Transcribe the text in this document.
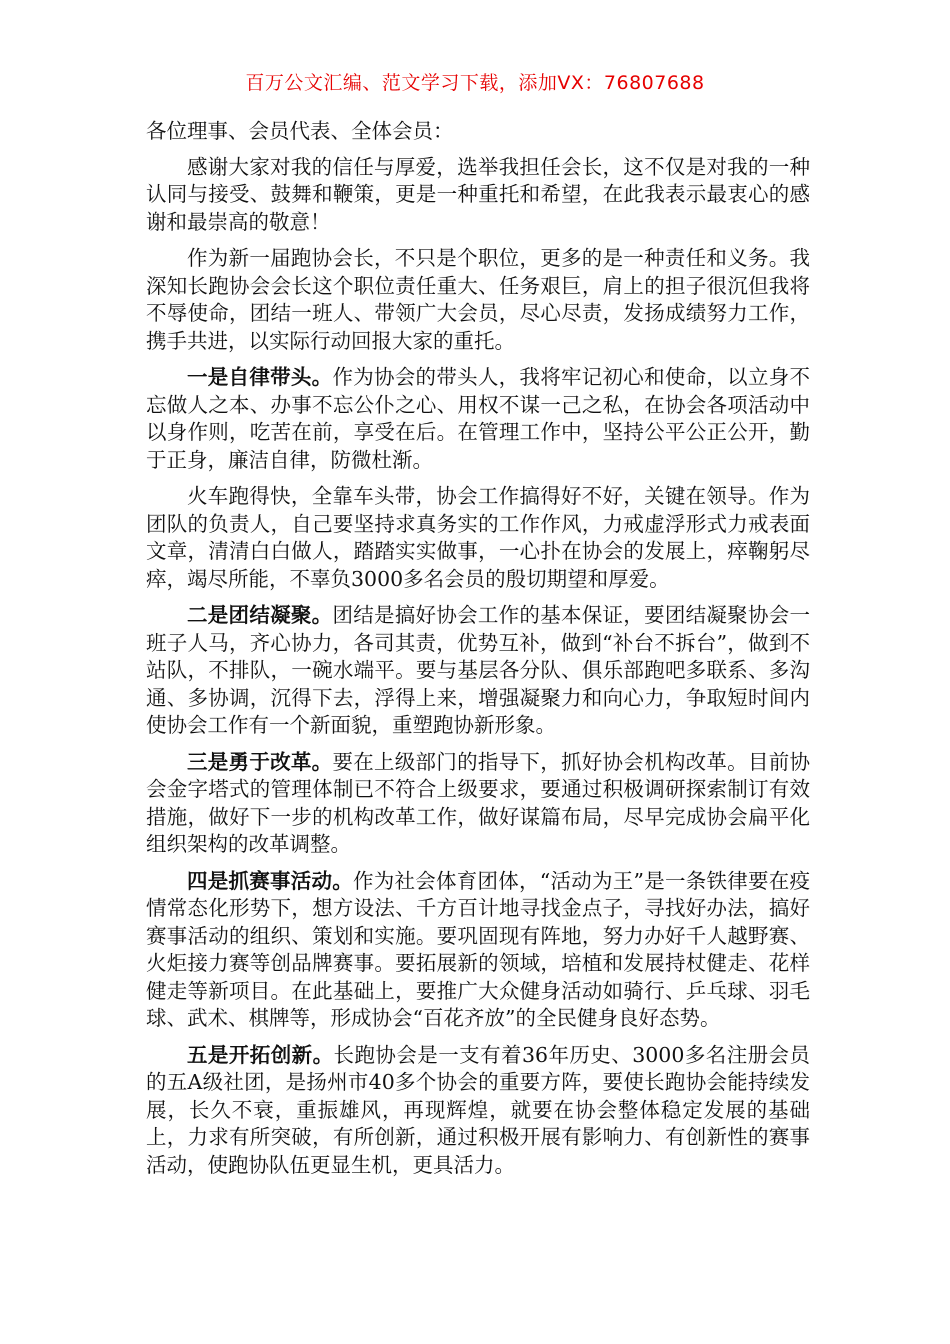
百万公文汇编、范文学习下载，添加VX：76807688

各位理事、会员代表、全体会员：

感谢大家对我的信任与厚爱，选举我担任会长，这不仅是对我的一种认同与接受、鼓舞和鞭策，更是一种重托和希望，在此我表示最衷心的感谢和最崇高的敬意！

作为新一届跑协会长，不只是个职位，更多的是一种责任和义务。我深知长跑协会会长这个职位责任重大、任务艰巨，肩上的担子很沉但我将不辱使命，团结一班人、带领广大会员，尽心尽责，发扬成绩努力工作，携手共进，以实际行动回报大家的重托。

一是自律带头。作为协会的带头人，我将牢记初心和使命，以立身不忘做人之本、办事不忘公仆之心、用权不谋一己之私，在协会各项活动中以身作则，吃苦在前，享受在后。在管理工作中，坚持公平公正公开，勤于正身，廉洁自律，防微杜渐。

火车跑得快，全靠车头带，协会工作搞得好不好，关键在领导。作为团队的负责人，自己要坚持求真务实的工作作风，力戒虚浮形式力戒表面文章，清清白白做人，踏踏实实做事，一心扑在协会的发展上，瘁鞠躬尽瘁，竭尽所能，不辜负3000多名会员的殷切期望和厚爱。

二是团结凝聚。团结是搞好协会工作的基本保证，要团结凝聚协会一班子人马，齐心协力，各司其责，优势互补，做到“补台不拆台”，做到不站队，不排队，一碗水端平。要与基层各分队、俱乐部跑吧多联系、多沟通、多协调，沉得下去，浮得上来，增强凝聚力和向心力，争取短时间内使协会工作有一个新面貌，重塑跑协新形象。

三是勇于改革。要在上级部门的指导下，抓好协会机构改革。目前协会金字塔式的管理体制已不符合上级要求，要通过积极调研探索制订有效措施，做好下一步的机构改革工作，做好谋篇布局，尽早完成协会扁平化组织架构的改革调整。

四是抓赛事活动。作为社会体育团体，“活动为王”是一条铁律要在疫情常态化形势下，想方设法、千方百计地寻找金点子，寻找好办法，搞好赛事活动的组织、策划和实施。要巩固现有阵地，努力办好千人越野赛、火炬接力赛等创品牌赛事。要拓展新的领域，培植和发展持杖健走、花样健走等新项目。在此基础上，要推广大众健身活动如骑行、乒乓球、羽毛球、武术、棋牌等，形成协会“百花齐放”的全民健身良好态势。

五是开拓创新。长跑协会是一支有着36年历史、3000多名注册会员的五A级社团，是扬州市40多个协会的重要方阵，要使长跑协会能持续发展，长久不衰，重振雄风，再现辉煌，就要在协会整体稳定发展的基础上，力求有所突破，有所创新，通过积极开展有影响力、有创新性的赛事活动，使跑协队伍更显生机，更具活力。
